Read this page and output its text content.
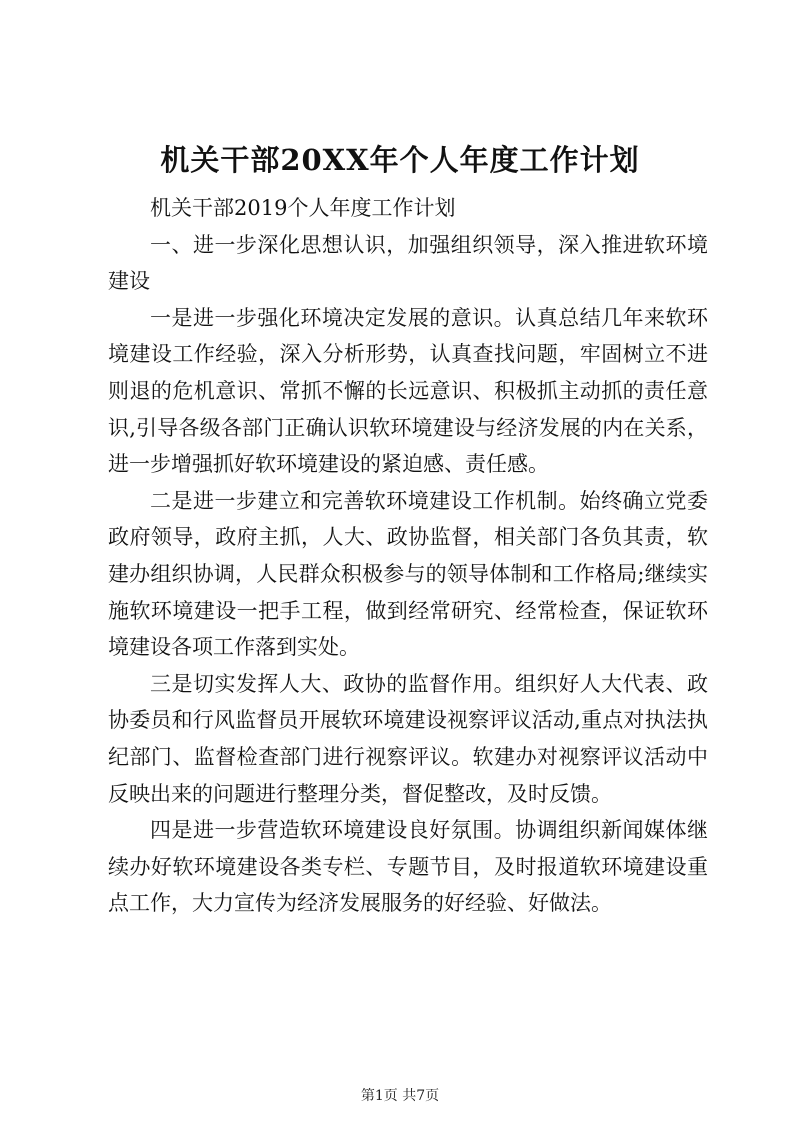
机关干部20XX年个人年度工作计划

机关干部2019个人年度工作计划

一、进一步深化思想认识，加强组织领导，深入推进软环境建设

一是进一步强化环境决定发展的意识。认真总结几年来软环境建设工作经验，深入分析形势，认真查找问题，牢固树立不进则退的危机意识、常抓不懈的长远意识、积极抓主动抓的责任意识,引导各级各部门正确认识软环境建设与经济发展的内在关系，进一步增强抓好软环境建设的紧迫感、责任感。

二是进一步建立和完善软环境建设工作机制。始终确立党委政府领导，政府主抓，人大、政协监督，相关部门各负其责，软建办组织协调，人民群众积极参与的领导体制和工作格局;继续实施软环境建设一把手工程，做到经常研究、经常检查，保证软环境建设各项工作落到实处。

三是切实发挥人大、政协的监督作用。组织好人大代表、政协委员和行风监督员开展软环境建设视察评议活动,重点对执法执纪部门、监督检查部门进行视察评议。软建办对视察评议活动中反映出来的问题进行整理分类，督促整改，及时反馈。

四是进一步营造软环境建设良好氛围。协调组织新闻媒体继续办好软环境建设各类专栏、专题节目，及时报道软环境建设重点工作，大力宣传为经济发展服务的好经验、好做法。

第1页 共7页
